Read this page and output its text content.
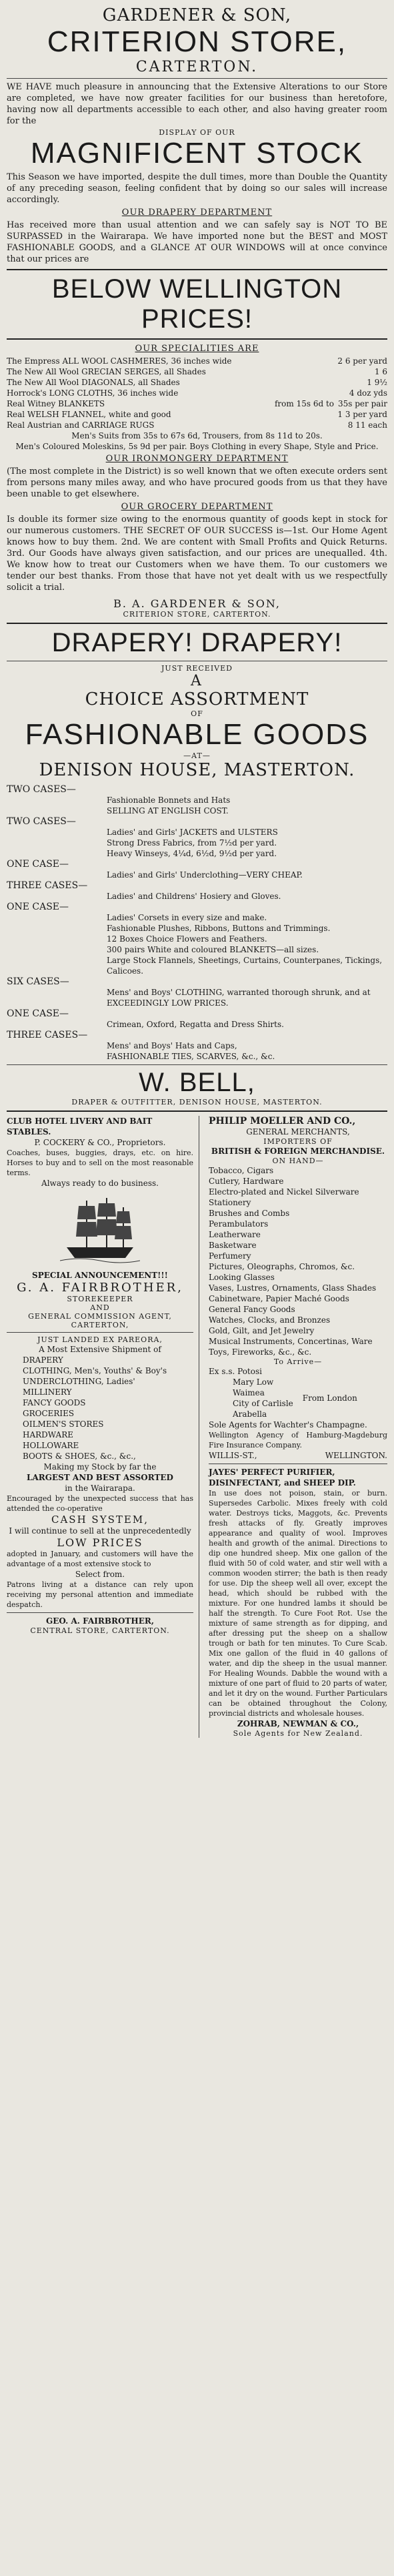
GARDENER & SON,
CRITERION STORE,
CARTERTON.

WE HAVE much pleasure in announcing that the Extensive Alterations to our Store are completed, we have now greater facilities for our business than heretofore, having now all departments accessible to each other, and also having greater room for the

DISPLAY OF OUR
MAGNIFICENT STOCK

This Season we have imported, despite the dull times, more than Double the Quantity of any preceding season, feeling confident that by doing so our sales will increase accordingly.

OUR DRAPERY DEPARTMENT

Has received more than usual attention and we can safely say is NOT TO BE SURPASSED in the Wairarapa. We have imported none but the BEST and MOST FASHIONABLE GOODS, and a GLANCE AT OUR WINDOWS will at once convince that our prices are

BELOW WELLINGTON PRICES!
OUR SPECIALITIES ARE
The Empress ALL WOOL CASHMERES, 36 inches wide	2 6 per yard
The New All Wool GRECIAN SERGES, all Shades	1 6
The New All Wool DIAGONALS, all Shades	1 9½
Horrock's LONG CLOTHS, 36 inches wide	4 doz yds
Real Witney BLANKETS	from 15s 6d to 35s per pair
Real WELSH FLANNEL, white and good	1 3 per yard
Real Austrian and CARRIAGE RUGS	8 11 each
Men's Suits from 35s to 67s 6d, Trousers, from 8s 11d to 20s.
Men's Coloured Moleskins, 5s 9d per pair. Boys Clothing in every Shape, Style and Price.
OUR IRONMONGERY DEPARTMENT

(The most complete in the District) is so well known that we often execute orders sent from persons many miles away, and who have procured goods from us that they have been unable to get elsewhere.

OUR GROCERY DEPARTMENT

Is double its former size owing to the enormous quantity of goods kept in stock for our numerous customers. THE SECRET OF OUR SUCCESS is—1st. Our Home Agent knows how to buy them. 2nd. We are content with Small Profits and Quick Returns. 3rd. Our Goods have always given satisfaction, and our prices are unequalled. 4th. We know how to treat our Customers when we have them. To our customers we tender our best thanks. From those that have not yet dealt with us we respectfully solicit a trial.

B. A. GARDENER & SON,
CRITERION STORE, CARTERTON.
DRAPERY! DRAPERY!
JUST RECEIVED
A
CHOICE ASSORTMENT
OF
FASHIONABLE GOODS
—AT—
DENISON HOUSE, MASTERTON.
TWO CASES—
Fashionable Bonnets and Hats
SELLING AT ENGLISH COST.
TWO CASES—
Ladies' and Girls' JACKETS and ULSTERS
Strong Dress Fabrics, from 7½d per yard.
Heavy Winseys, 4¼d, 6½d, 9½d per yard.
ONE CASE—
Ladies' and Girls' Underclothing—VERY CHEAP.
THREE CASES—
Ladies' and Childrens' Hosiery and Gloves.
ONE CASE—
Ladies' Corsets in every size and make.
Fashionable Plushes, Ribbons, Buttons and Trimmings.
12 Boxes Choice Flowers and Feathers.
300 pairs White and coloured BLANKETS—all sizes.
Large Stock Flannels, Sheetings, Curtains, Counterpanes, Tickings, Calicoes.
SIX CASES—
Mens' and Boys' CLOTHING, warranted thorough shrunk, and at EXCEEDINGLY LOW PRICES.
ONE CASE—
Crimean, Oxford, Regatta and Dress Shirts.
THREE CASES—
Mens' and Boys' Hats and Caps,
FASHIONABLE TIES, SCARVES, &c., &c.
W. BELL,
DRAPER & OUTFITTER, DENISON HOUSE, MASTERTON.
CLUB HOTEL LIVERY AND BAIT STABLES.
P. COCKERY & CO., Proprietors.
Coaches, buses, buggies, drays, etc. on hire. Horses to buy and to sell on the most reasonable terms.
Always ready to do business.
SPECIAL ANNOUNCEMENT!!!
G. A. FAIRBROTHER,
STOREKEEPER
AND
GENERAL COMMISSION AGENT,
CARTERTON,
JUST LANDED EX PAREORA,
A Most Extensive Shipment of
DRAPERY
CLOTHING, Men's, Youths' & Boy's
UNDERCLOTHING, Ladies'
MILLINERY
FANCY GOODS
GROCERIES
OILMEN'S STORES
HARDWARE
HOLLOWARE
BOOTS & SHOES, &c., &c.,
Making my Stock by far the
LARGEST AND BEST ASSORTED
in the Wairarapa.
Encouraged by the unexpected success that has attended the co-operative
CASH SYSTEM,
I will continue to sell at the unprecedentedly
LOW PRICES
adopted in January, and customers will have the advantage of a most extensive stock to
Select from.
Patrons living at a distance can rely upon receiving my personal attention and immediate despatch.
GEO. A. FAIRBROTHER,
CENTRAL STORE, CARTERTON.
PHILIP MOELLER AND CO.,
GENERAL MERCHANTS,
IMPORTERS OF
BRITISH & FOREIGN MERCHANDISE.
ON HAND—
Tobacco, Cigars
Cutlery, Hardware
Electro-plated and Nickel Silverware
Stationery
Brushes and Combs
Perambulators
Leatherware
Basketware
Perfumery
Pictures, Oleographs, Chromos, &c.
Looking Glasses
Vases, Lustres, Ornaments, Glass Shades
Cabinetware, Papier Maché Goods
General Fancy Goods
Watches, Clocks, and Bronzes
Gold, Gilt, and Jet Jewelry
Musical Instruments, Concertinas, Ware
Toys, Fireworks, &c., &c.
To Arrive—
Ex s.s. Potosi
Mary Low
Waimea
City of Carlisle
Arabella
From London
Sole Agents for Wachter's Champagne.
Wellington Agency of Hamburg-Magdeburg Fire Insurance Company.
WILLIS-ST.,	WELLINGTON.
JAYES' PERFECT PURIFIER, DISINFECTANT, and SHEEP DIP.
In use does not poison, stain, or burn. Supersedes Carbolic. Mixes freely with cold water. Destroys ticks, Maggots, &c. Prevents fresh attacks of fly. Greatly improves appearance and quality of wool. Improves health and growth of the animal. Directions to dip one hundred sheep. Mix one gallon of the fluid with 50 of cold water, and stir well with a common wooden stirrer; the bath is then ready for use. Dip the sheep well all over, except the head, which should be rubbed with the mixture. For one hundred lambs it should be half the strength. To Cure Foot Rot. Use the mixture of same strength as for dipping, and after dressing put the sheep on a shallow trough or bath for ten minutes. To Cure Scab. Mix one gallon of the fluid in 40 gallons of water, and dip the sheep in the usual manner. For Healing Wounds. Dabble the wound with a mixture of one part of fluid to 20 parts of water, and let it dry on the wound. Further Particulars can be obtained throughout the Colony, provincial districts and wholesale houses.
ZOHRAB, NEWMAN & CO.,
Sole Agents for New Zealand.
